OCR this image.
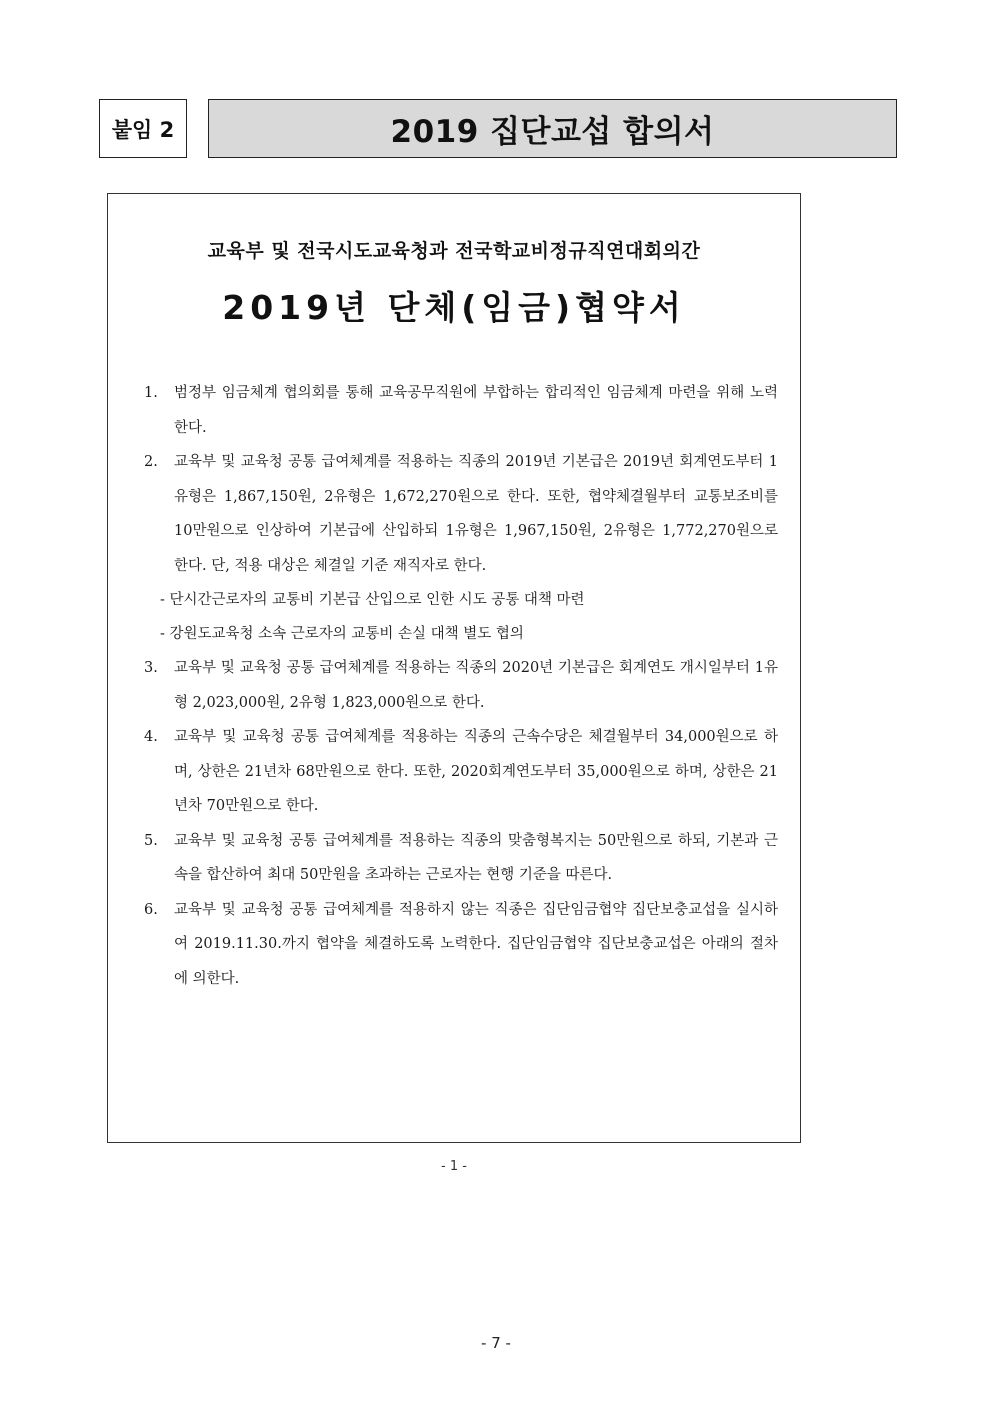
붙임 2	2019 집단교섭 합의서
교육부 및 전국시도교육청과 전국학교비정규직연대회의간
2019년 단체(임금)협약서

1. 범정부 임금체계 협의회를 통해 교육공무직원에 부합하는 합리적인 임금체계 마련을 위해 노력한다.

2. 교육부 및 교육청 공통 급여체계를 적용하는 직종의 2019년 기본급은 2019년 회계연도부터 1유형은 1,867,150원, 2유형은 1,672,270원으로 한다. 또한, 협약체결월부터 교통보조비를 10만원으로 인상하여 기본급에 산입하되 1유형은 1,967,150원, 2유형은 1,772,270원으로 한다. 단, 적용 대상은 체결일 기준 재직자로 한다.

- 단시간근로자의 교통비 기본급 산입으로 인한 시도 공통 대책 마련

- 강원도교육청 소속 근로자의 교통비 손실 대책 별도 협의

3. 교육부 및 교육청 공통 급여체계를 적용하는 직종의 2020년 기본급은 회계연도 개시일부터 1유형 2,023,000원, 2유형 1,823,000원으로 한다.

4. 교육부 및 교육청 공통 급여체계를 적용하는 직종의 근속수당은 체결월부터 34,000원으로 하며, 상한은 21년차 68만원으로 한다. 또한, 2020회계연도부터 35,000원으로 하며, 상한은 21년차 70만원으로 한다.

5. 교육부 및 교육청 공통 급여체계를 적용하는 직종의 맞춤형복지는 50만원으로 하되, 기본과 근속을 합산하여 최대 50만원을 초과하는 근로자는 현행 기준을 따른다.

6. 교육부 및 교육청 공통 급여체계를 적용하지 않는 직종은 집단임금협약 집단보충교섭을 실시하여 2019.11.30.까지 협약을 체결하도록 노력한다. 집단임금협약 집단보충교섭은 아래의 절차에 의한다.

- 1 -
- 7 -
